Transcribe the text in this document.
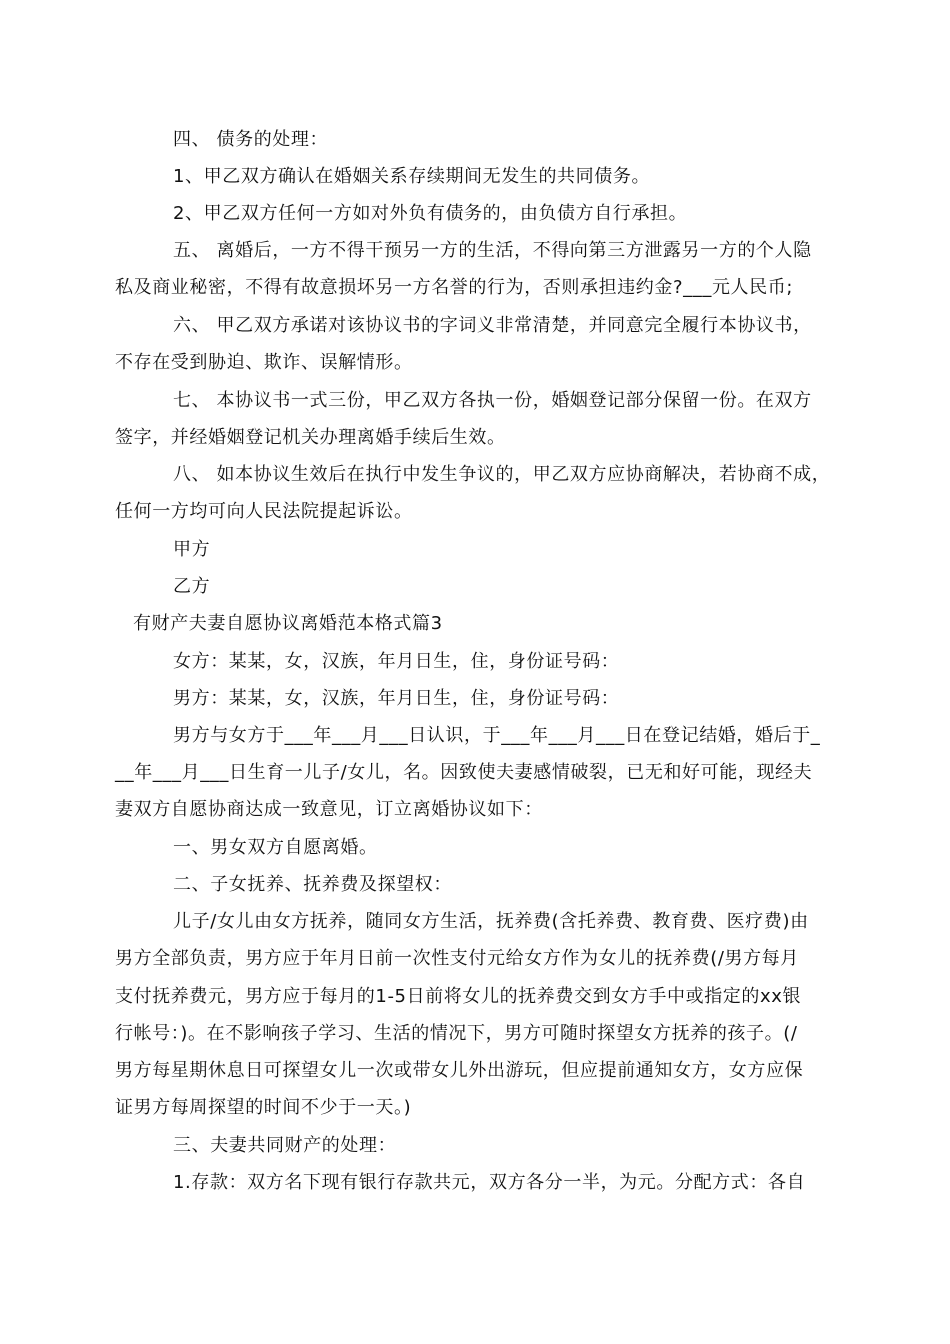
四、 债务的处理：
1、甲乙双方确认在婚姻关系存续期间无发生的共同债务。
2、甲乙双方任何一方如对外负有债务的，由负债方自行承担。
五、 离婚后，一方不得干预另一方的生活，不得向第三方泄露另一方的个人隐
私及商业秘密，不得有故意损坏另一方名誉的行为，否则承担违约金?___元人民币;
六、 甲乙双方承诺对该协议书的字词义非常清楚，并同意完全履行本协议书，
不存在受到胁迫、欺诈、误解情形。
七、 本协议书一式三份，甲乙双方各执一份，婚姻登记部分保留一份。在双方
签字，并经婚姻登记机关办理离婚手续后生效。
八、 如本协议生效后在执行中发生争议的，甲乙双方应协商解决，若协商不成，
任何一方均可向人民法院提起诉讼。
甲方
乙方
有财产夫妻自愿协议离婚范本格式篇3
女方：某某，女，汉族，年月日生，住，身份证号码：
男方：某某，女，汉族，年月日生，住，身份证号码：
男方与女方于___年___月___日认识，于___年___月___日在登记结婚，婚后于_
__年___月___日生育一儿子/女儿，名。因致使夫妻感情破裂，已无和好可能，现经夫
妻双方自愿协商达成一致意见，订立离婚协议如下：
一、男女双方自愿离婚。
二、子女抚养、抚养费及探望权：
儿子/女儿由女方抚养，随同女方生活，抚养费(含托养费、教育费、医疗费)由
男方全部负责，男方应于年月日前一次性支付元给女方作为女儿的抚养费(/男方每月
支付抚养费元，男方应于每月的1-5日前将女儿的抚养费交到女方手中或指定的xx银
行帐号：)。在不影响孩子学习、生活的情况下，男方可随时探望女方抚养的孩子。(/
男方每星期休息日可探望女儿一次或带女儿外出游玩，但应提前通知女方，女方应保
证男方每周探望的时间不少于一天。)
三、夫妻共同财产的处理：
1.存款：双方名下现有银行存款共元，双方各分一半，为元。分配方式：各自
